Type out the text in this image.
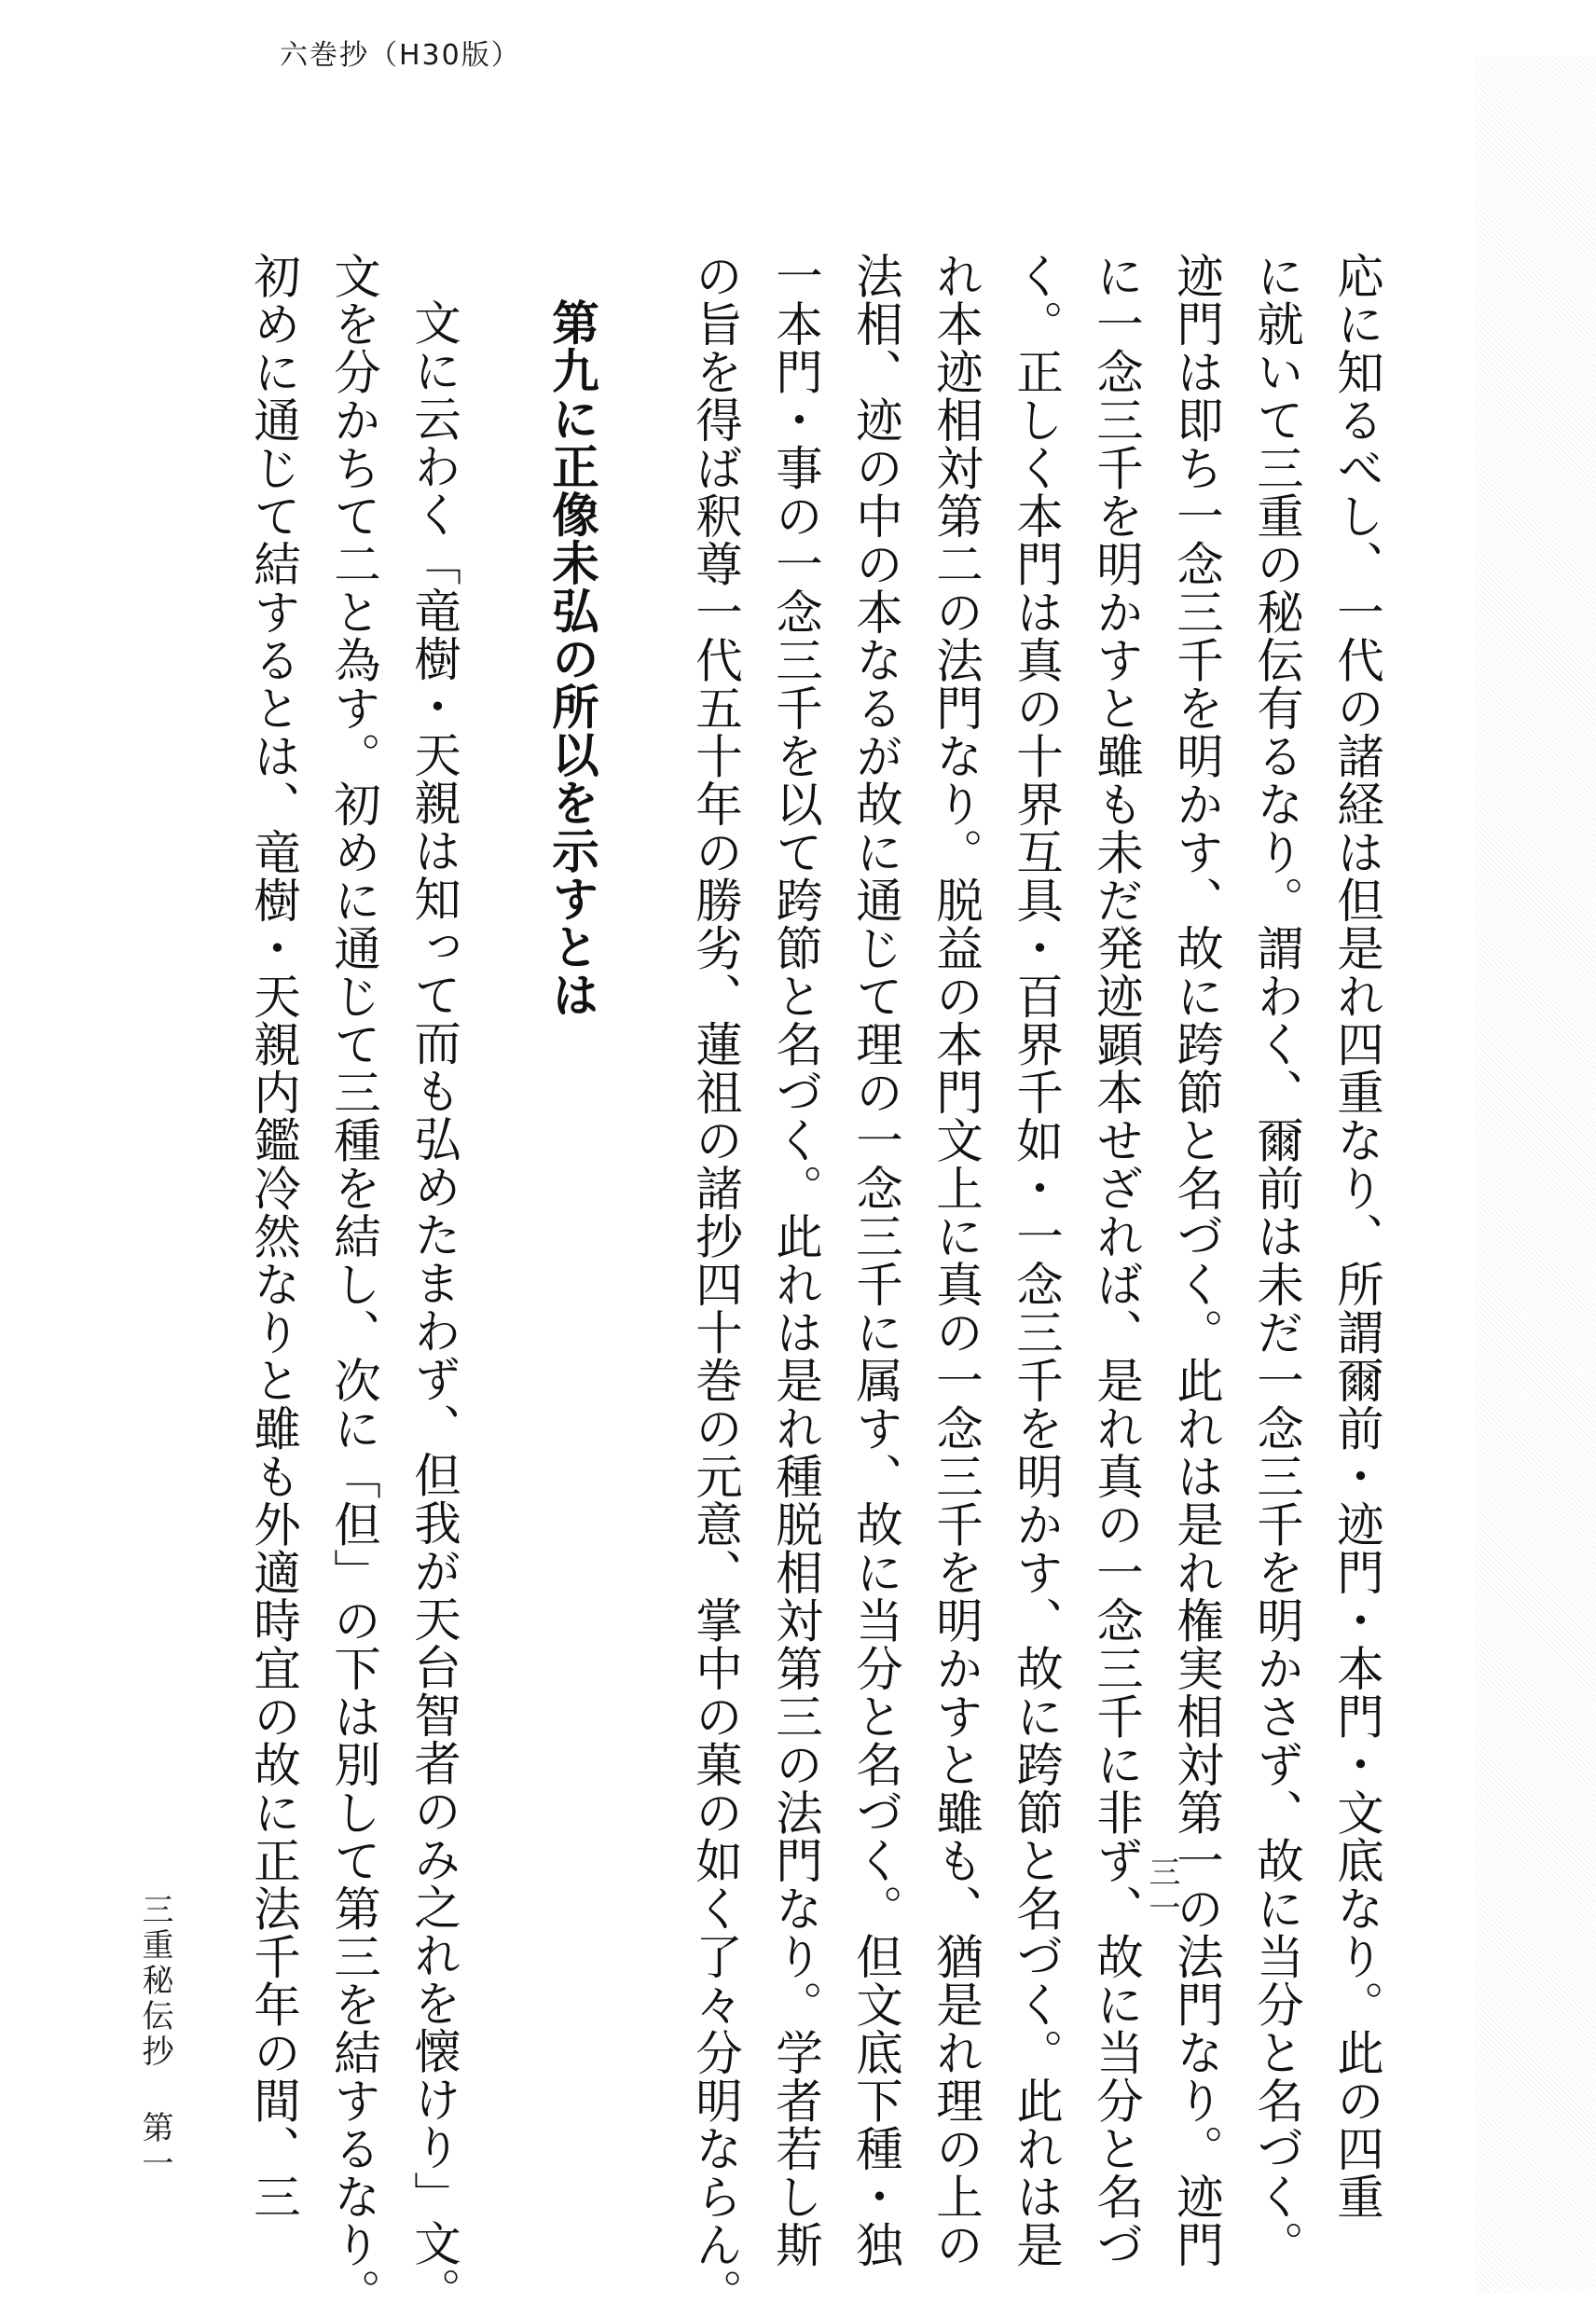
六巻抄（H30版）
応に知るべし、一代の諸経は但是れ四重なり、所謂爾前・迹門・本門・文底なり。此の四重
に就いて三重の秘伝有るなり。謂わく、爾前は未だ一念三千を明かさず、故に当分と名づく。
迹門は即ち一念三千を明かす、故に跨節と名づく。此れは是れ権実相対第一の法門なり。迹門
に一念三千を明かすと雖も未だ発迹顕本せざれば、是れ真の一念三千に非ず、故に当分と名づ
く。正しく本門は真の十界互具・百界千如・一念三千を明かす、故に跨節と名づく。此れは是
れ本迹相対第二の法門なり。脱益の本門文上に真の一念三千を明かすと雖も、猶是れ理の上の
法相、迹の中の本なるが故に通じて理の一念三千に属す、故に当分と名づく。但文底下種・独
一本門・事の一念三千を以て跨節と名づく。此れは是れ種脱相対第三の法門なり。学者若し斯
の旨を得ば釈尊一代五十年の勝劣、蓮祖の諸抄四十巻の元意、掌中の菓の如く了々分明ならん。
第九に正像未弘の所以を示すとは
文に云わく「竜樹・天親は知って而も弘めたまわず、但我が天台智者のみ之れを懐けり」文。
文を分かちて二と為す。初めに通じて三種を結し、次に「但」の下は別して第三を結するなり。
初めに通じて結するとは、竜樹・天親内鑑冷然なりと雖も外適時宜の故に正法千年の間、三
三重秘伝抄 第一
三一
